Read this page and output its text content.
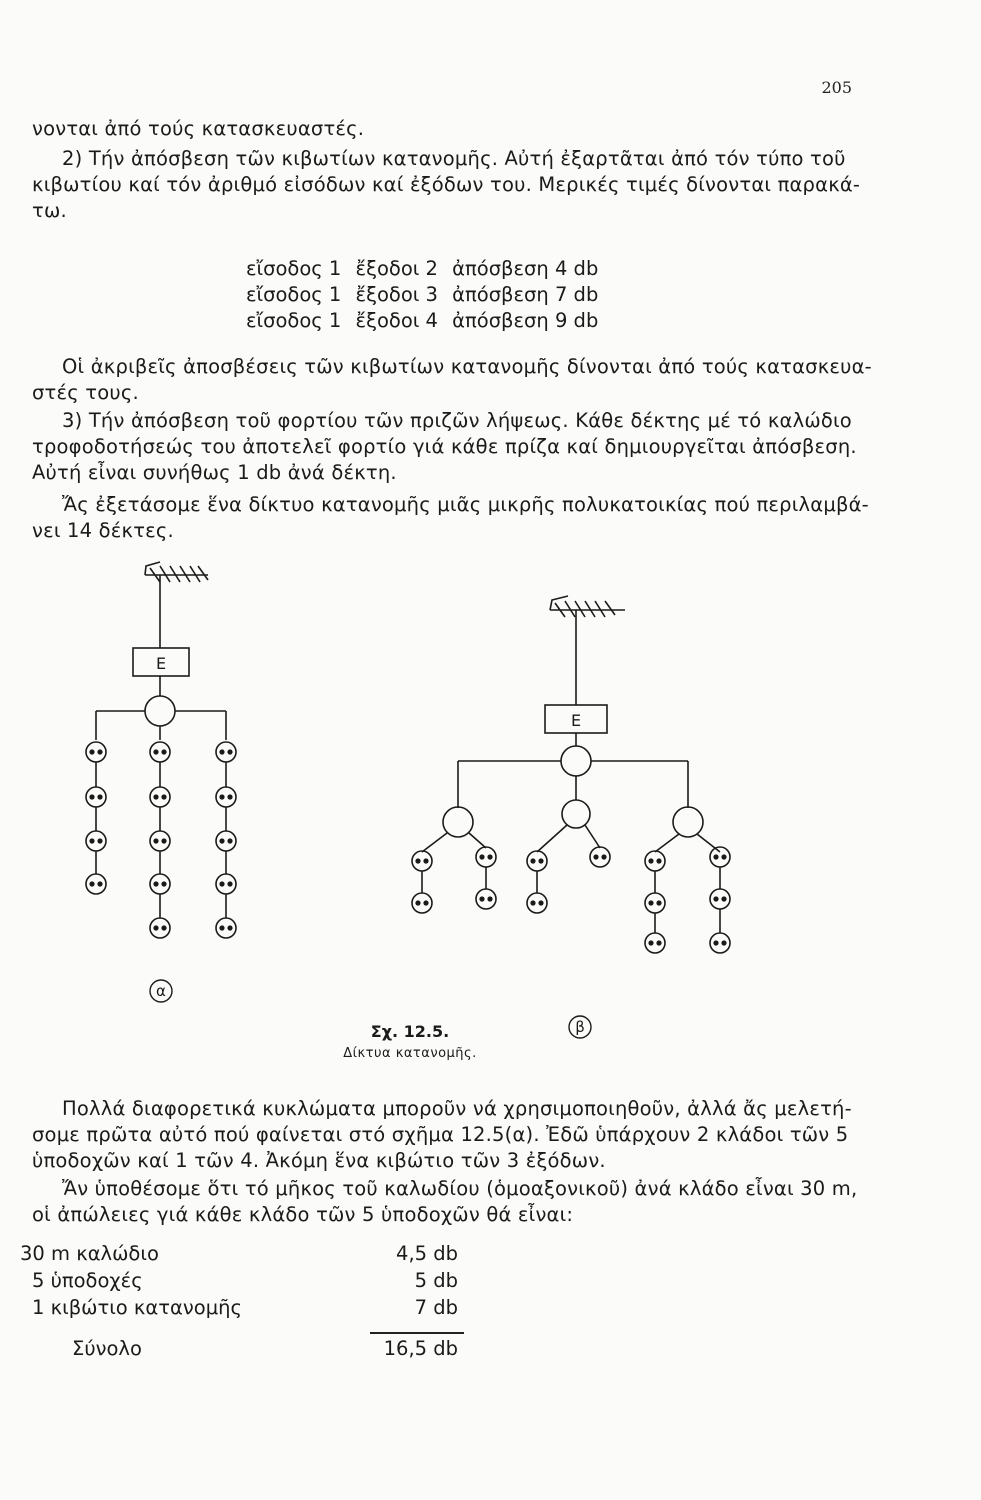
205

νονται ἀπό τούς κατασκευαστές.

2) Τήν ἀπόσβεση τῶν κιβωτίων κατανομῆς. Αὐτή ἐξαρτᾶται ἀπό τόν τύπο τοῦ
κιβωτίου καί τόν ἀριθμό εἰσόδων καί ἐξόδων του. Μερικές τιμές δίνονται παρακά-
τω.

εἴσοδος 1 ἔξοδοι 2 ἀπόσβεση 4 db
εἴσοδος 1 ἔξοδοι 3 ἀπόσβεση 7 db
εἴσοδος 1 ἔξοδοι 4 ἀπόσβεση 9 db

Οἱ ἀκριβεῖς ἀποσβέσεις τῶν κιβωτίων κατανομῆς δίνονται ἀπό τούς κατασκευα-
στές τους.

3) Τήν ἀπόσβεση τοῦ φορτίου τῶν πριζῶν λήψεως. Κάθε δέκτης μέ τό καλώδιο
τροφοδοτήσεώς του ἀποτελεῖ φορτίο γιά κάθε πρίζα καί δημιουργεῖται ἀπόσβεση.
Αὐτή εἶναι συνήθως 1 db ἀνά δέκτη.

Ἄς ἐξετάσομε ἕνα δίκτυο κατανομῆς μιᾶς μικρῆς πολυκατοικίας πού περιλαμβά-
νει 14 δέκτες.

E
E
α
β
Σχ. 12.5.
Δίκτυα κατανομῆς.

Πολλά διαφορετικά κυκλώματα μποροῦν νά χρησιμοποιηθοῦν, ἀλλά ἄς μελετή-
σομε πρῶτα αὐτό πού φαίνεται στό σχῆμα 12.5(α). Ἐδῶ ὑπάρχουν 2 κλάδοι τῶν 5
ὑποδοχῶν καί 1 τῶν 4. Ἀκόμη ἕνα κιβώτιο τῶν 3 ἐξόδων.

Ἄν ὑποθέσομε ὅτι τό μῆκος τοῦ καλωδίου (ὁμοαξονικοῦ) ἀνά κλάδο εἶναι 30 m,
οἱ ἀπώλειες γιά κάθε κλάδο τῶν 5 ὑποδοχῶν θά εἶναι:

30 m καλώδιο	4,5 db
5 ὑποδοχές	5 db
1 κιβώτιο κατανομῆς	7 db
Σύνολο	16,5 db
